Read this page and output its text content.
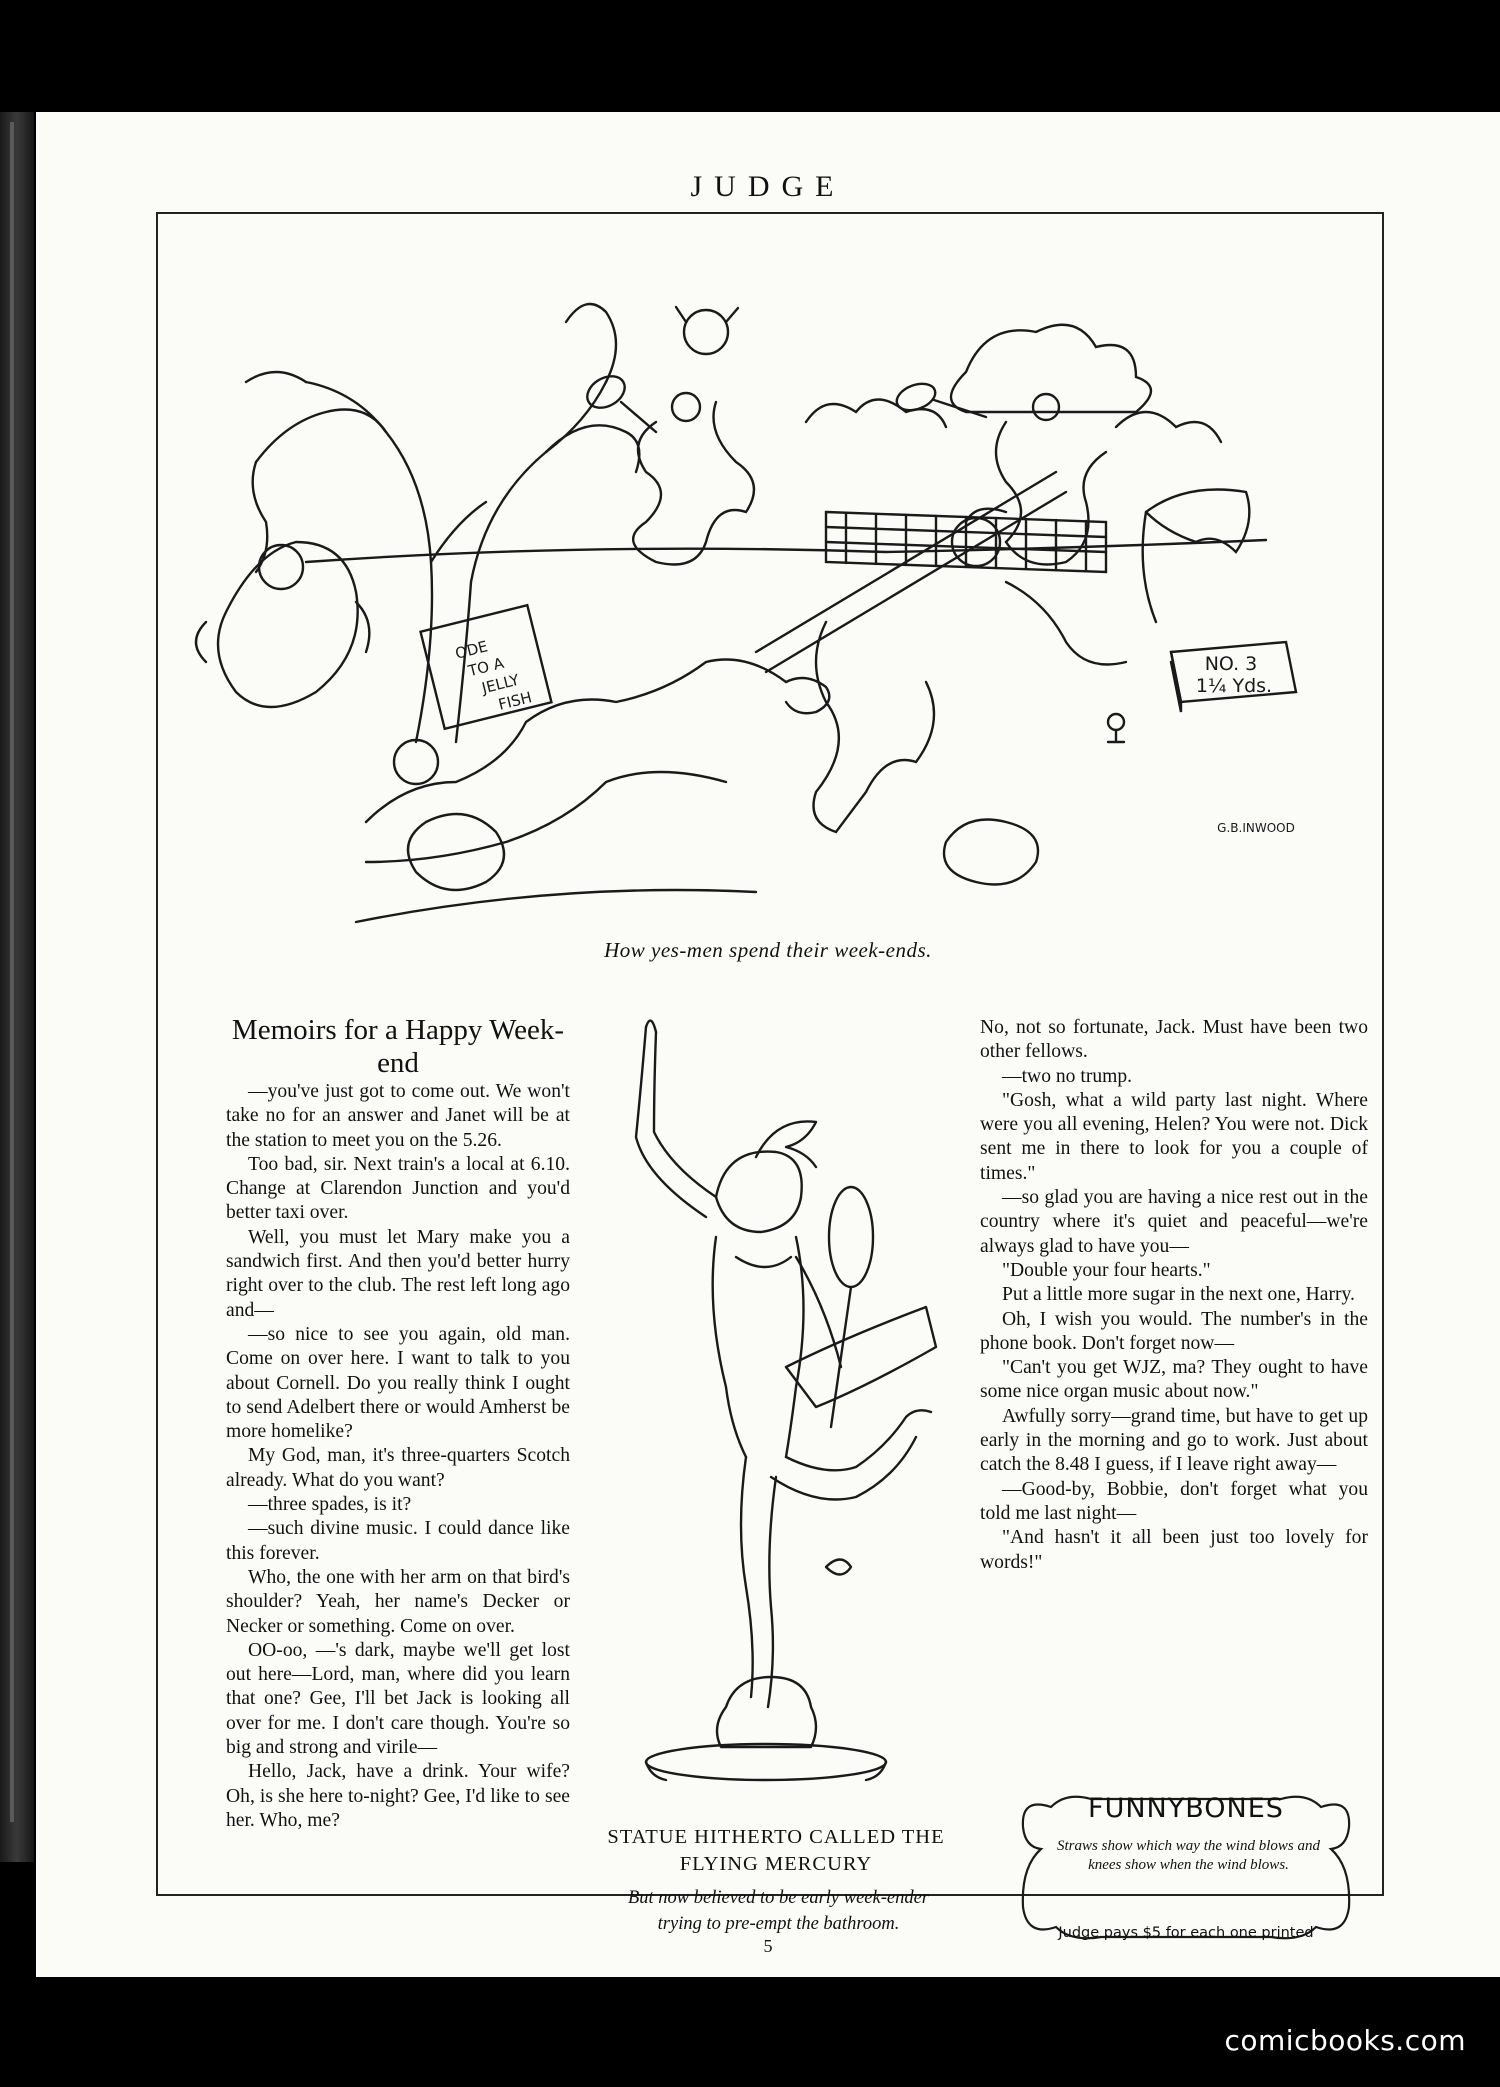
JUDGE
ODE
TO A
JELLY
FISH
NO. 3
1¼ Yds.
G.B.INWOOD
How yes-men spend their week-ends.
Memoirs for a Happy Week-end

—you've just got to come out. We won't take no for an answer and Janet will be at the station to meet you on the 5.26.

Too bad, sir. Next train's a local at 6.10. Change at Clarendon Junction and you'd better taxi over.

Well, you must let Mary make you a sandwich first. And then you'd better hurry right over to the club. The rest left long ago and—

—so nice to see you again, old man. Come on over here. I want to talk to you about Cornell. Do you really think I ought to send Adelbert there or would Amherst be more homelike?

My God, man, it's three-quarters Scotch already. What do you want?

—three spades, is it?

—such divine music. I could dance like this forever.

Who, the one with her arm on that bird's shoulder? Yeah, her name's Decker or Necker or something. Come on over.

OO-oo, —'s dark, maybe we'll get lost out here—Lord, man, where did you learn that one? Gee, I'll bet Jack is looking all over for me. I don't care though. You're so big and strong and virile—

Hello, Jack, have a drink. Your wife? Oh, is she here to-night? Gee, I'd like to see her. Who, me?

STATUE HITHERTO CALLED THE FLYING MERCURY
But now believed to be early week-ender trying to pre-empt the bathroom.

No, not so fortunate, Jack. Must have been two other fellows.

—two no trump.

"Gosh, what a wild party last night. Where were you all evening, Helen? You were not. Dick sent me in there to look for you a couple of times."

—so glad you are having a nice rest out in the country where it's quiet and peaceful—we're always glad to have you—

"Double your four hearts."

Put a little more sugar in the next one, Harry.

Oh, I wish you would. The number's in the phone book. Don't forget now—

"Can't you get WJZ, ma? They ought to have some nice organ music about now."

Awfully sorry—grand time, but have to get up early in the morning and go to work. Just about catch the 8.48 I guess, if I leave right away—

—Good-by, Bobbie, don't forget what you told me last night—

"And hasn't it all been just too lovely for words!"

FUNNYBONES
Straws show which way the wind blows and knees show when the wind blows.
Judge pays $5 for each one printed
5
comicbooks.com
